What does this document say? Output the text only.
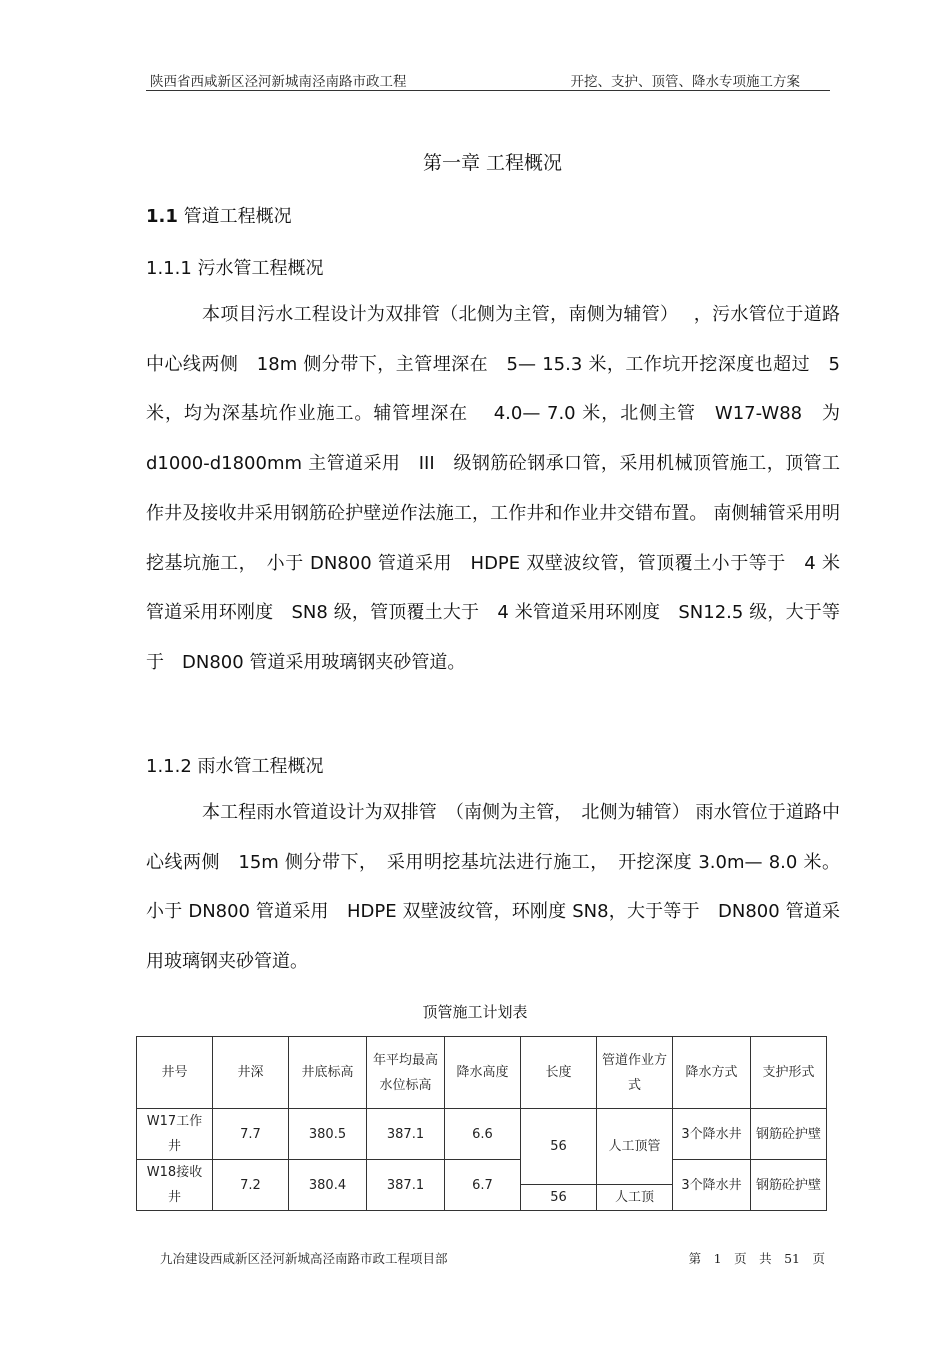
陕西省西咸新区泾河新城南泾南路市政工程	开挖、支护、顶管、降水专项施工方案
第一章 工程概况
1.1 管道工程概况
1.1.1 污水管工程概况
本项目污水工程设计为双排管（北侧为主管，南侧为辅管）　 ，污水管位于道路中心线两侧　18m 侧分带下，主管埋深在　5— 15.3 米，工作坑开挖深度也超过　5 米，均为深基坑作业施工。辅管埋深在　 4.0— 7.0 米，北侧主管　W17-W88　为 d1000-d1800mm 主管道采用　III　级钢筋砼钢承口管，采用机械顶管施工，顶管工作井及接收井采用钢筋砼护壁逆作法施工，工作井和作业井交错布置。 南侧辅管采用明挖基坑施工，　小于 DN800 管道采用　HDPE 双壁波纹管，管顶覆土小于等于　4 米管道采用环刚度　SN8 级，管顶覆土大于　4 米管道采用环刚度　SN12.5 级，大于等于　DN800 管道采用玻璃钢夹砂管道。
1.1.2 雨水管工程概况
本工程雨水管道设计为双排管　（南侧为主管，　北侧为辅管） 雨水管位于道路中心线两侧　15m 侧分带下，　采用明挖基坑法进行施工，　开挖深度 3.0m— 8.0 米。小于 DN800 管道采用　HDPE 双壁波纹管，环刚度 SN8，大于等于　DN800 管道采用玻璃钢夹砂管道。
顶管施工计划表
井号	井深	井底标高	年平均最高水位标高	降水高度	长度	管道作业方式	降水方式	支护形式
W17工作井	7.7	380.5	387.1	6.6	56	人工顶管	3个降水井	钢筋砼护壁
W18接收井	7.2	380.4	387.1	6.7			3个降水井	钢筋砼护壁
					56	人工顶		
九冶建设西咸新区泾河新城高泾南路市政工程项目部	第　1　页　共　51　页
